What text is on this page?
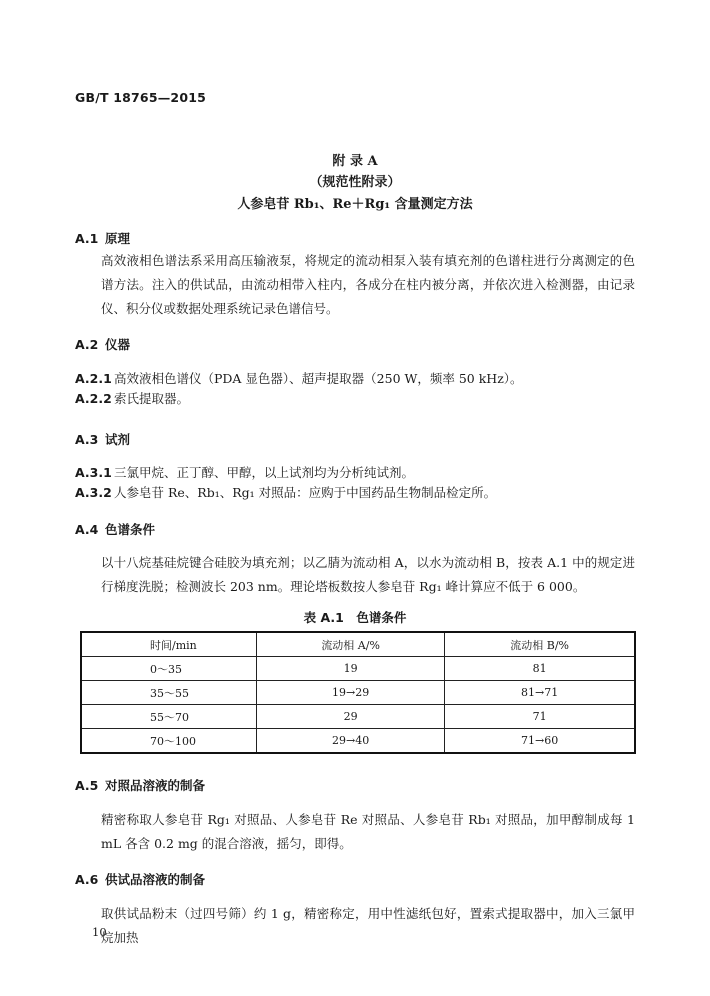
GB/T 18765—2015
附 录 A
（规范性附录）
人参皂苷 Rb₁、Re＋Rg₁ 含量测定方法
A.1 原理
高效液相色谱法系采用高压输液泵，将规定的流动相泵入装有填充剂的色谱柱进行分离测定的色谱方法。注入的供试品，由流动相带入柱内，各成分在柱内被分离，并依次进入检测器，由记录仪、积分仪或数据处理系统记录色谱信号。
A.2 仪器
A.2.1 高效液相色谱仪（PDA 显色器）、超声提取器（250 W，频率 50 kHz）。
A.2.2 索氏提取器。
A.3 试剂
A.3.1 三氯甲烷、正丁醇、甲醇，以上试剂均为分析纯试剂。
A.3.2 人参皂苷 Re、Rb₁、Rg₁ 对照品：应购于中国药品生物制品检定所。
A.4 色谱条件
以十八烷基硅烷键合硅胶为填充剂；以乙腈为流动相 A，以水为流动相 B，按表 A.1 中的规定进行梯度洗脱；检测波长 203 nm。理论塔板数按人参皂苷 Rg₁ 峰计算应不低于 6 000。
表 A.1　色谱条件
时间/min	流动相 A/%	流动相 B/%
0～35	19	81
35～55	19→29	81→71
55～70	29	71
70～100	29→40	71→60
A.5 对照品溶液的制备
精密称取人参皂苷 Rg₁ 对照品、人参皂苷 Re 对照品、人参皂苷 Rb₁ 对照品，加甲醇制成每 1 mL 各含 0.2 mg 的混合溶液，摇匀，即得。
A.6 供试品溶液的制备
取供试品粉末（过四号筛）约 1 g，精密称定，用中性滤纸包好，置索式提取器中，加入三氯甲烷加热
10
